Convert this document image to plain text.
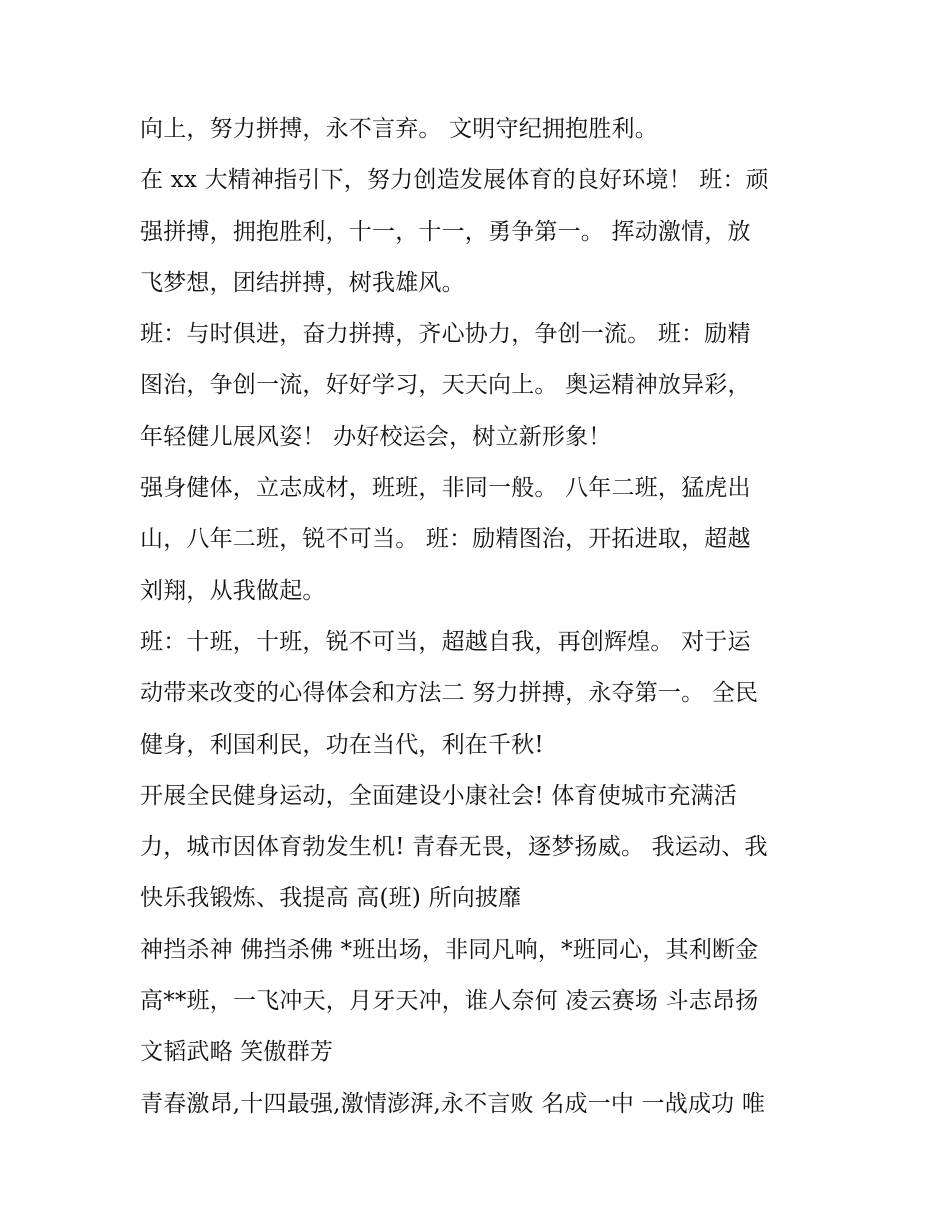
向上，努力拼搏，永不言弃。 文明守纪拥抱胜利。
在 xx 大精神指引下，努力创造发展体育的良好环境！ 班：顽
强拼搏，拥抱胜利，十一，十一，勇争第一。 挥动激情，放
飞梦想，团结拼搏，树我雄风。
班：与时俱进，奋力拼搏，齐心协力，争创一流。 班：励精
图治，争创一流，好好学习，天天向上。 奥运精神放异彩，
年轻健儿展风姿！ 办好校运会，树立新形象！
强身健体，立志成材，班班，非同一般。 八年二班，猛虎出
山，八年二班，锐不可当。 班：励精图治，开拓进取，超越
刘翔，从我做起。
班：十班，十班，锐不可当，超越自我，再创辉煌。 对于运
动带来改变的心得体会和方法二 努力拼搏，永夺第一。 全民
健身，利国利民，功在当代，利在千秋!
开展全民健身运动，全面建设小康社会! 体育使城市充满活
力，城市因体育勃发生机! 青春无畏，逐梦扬威。 我运动、我
快乐我锻炼、我提高 高(班) 所向披靡
神挡杀神 佛挡杀佛 *班出场，非同凡响，*班同心，其利断金
高**班，一飞冲天，月牙天冲，谁人奈何 凌云赛场 斗志昂扬
文韬武略 笑傲群芳
青春激昂,十四最强,激情澎湃,永不言败 名成一中 一战成功 唯
